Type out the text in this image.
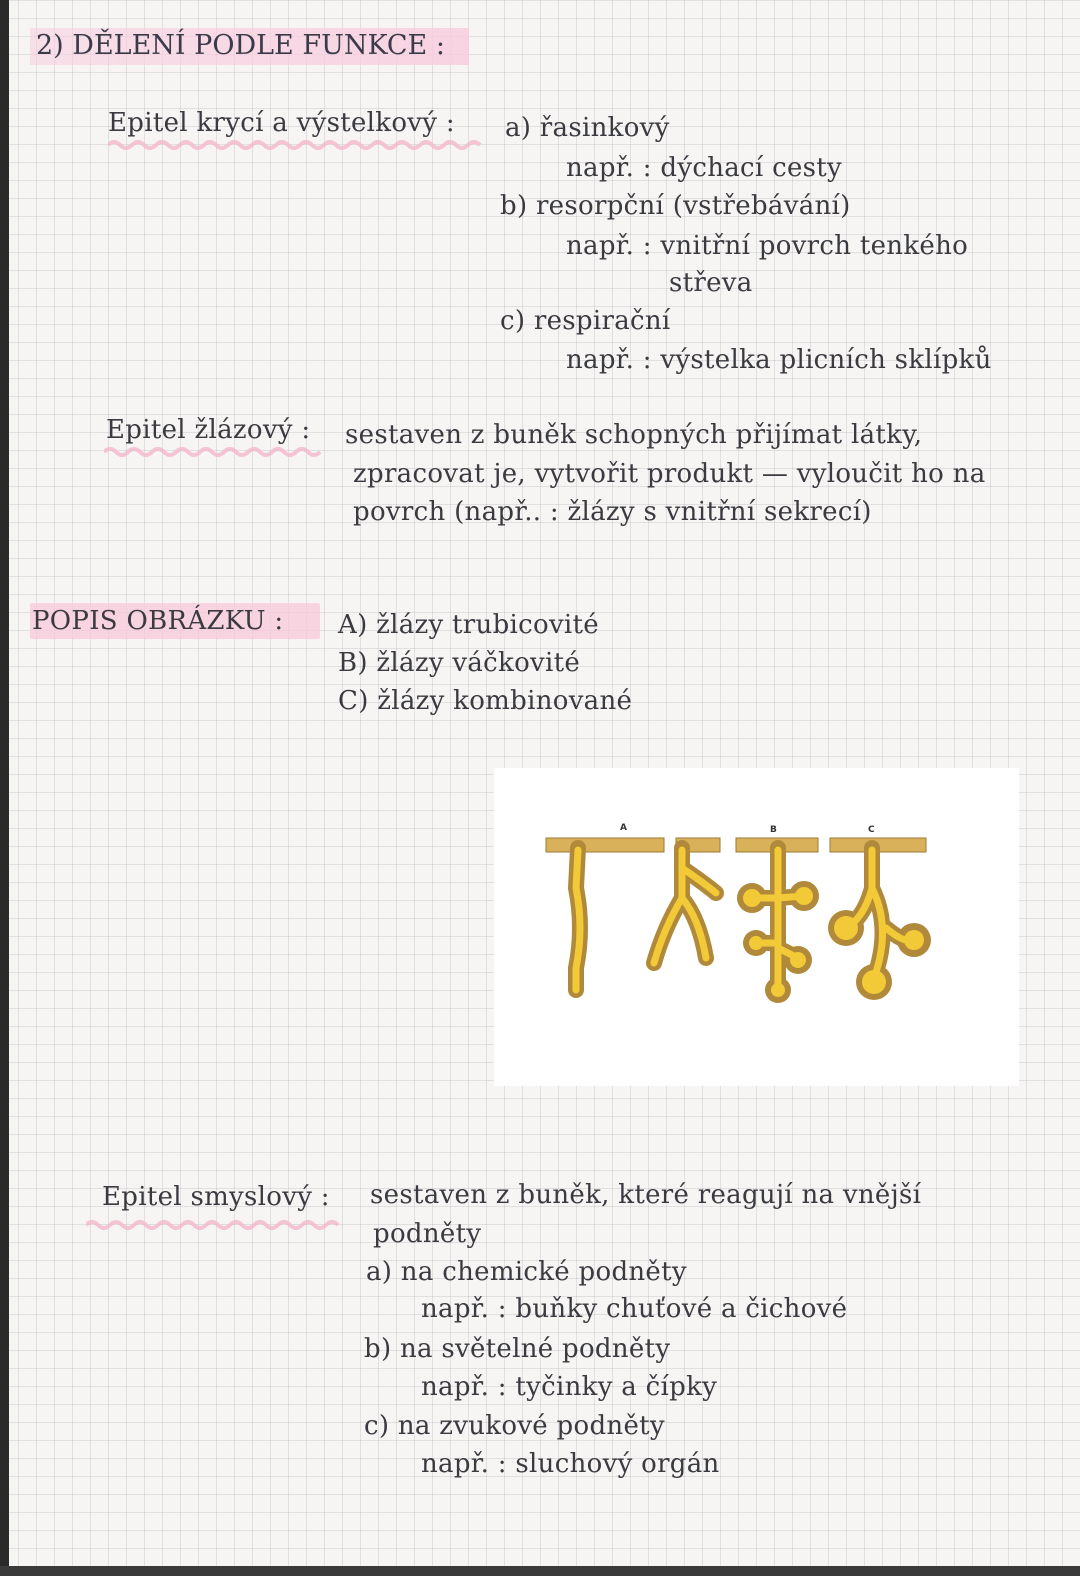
2) DĚLENÍ PODLE FUNKCE :
Epitel krycí a výstelkový : a) řasinkový
např. : dýchací cesty
b) resorpční (vstřebávání)
např. : vnitřní povrch tenkého
střeva
c) respirační
např. : výstelka plicních sklípků
Epitel žlázový : sestaven z buněk schopných přijímat látky,
zpracovat je, vytvořit produkt — vyloučit ho na
povrch (např.. : žlázy s vnitřní sekrecí)
POPIS OBRÁZKU : A) žlázy trubicovité
B) žlázy váčkovité
C) žlázy kombinované
A	B	C
Epitel smyslový : sestaven z buněk, které reagují na vnější
podněty
a) na chemické podněty
např. : buňky chuťové a čichové
b) na světelné podněty
např. : tyčinky a čípky
c) na zvukové podněty
např. : sluchový orgán
